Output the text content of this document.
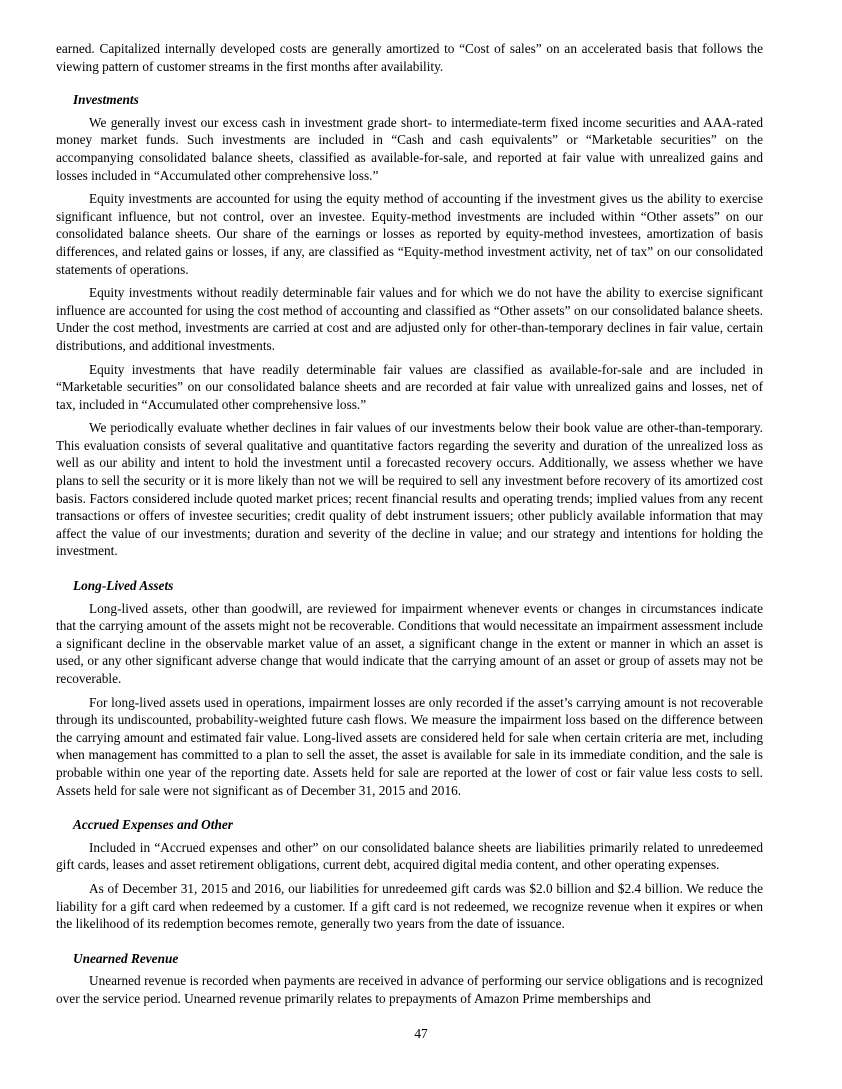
earned. Capitalized internally developed costs are generally amortized to “Cost of sales” on an accelerated basis that follows the viewing pattern of customer streams in the first months after availability.

Investments

We generally invest our excess cash in investment grade short- to intermediate-term fixed income securities and AAA-rated money market funds. Such investments are included in “Cash and cash equivalents” or “Marketable securities” on the accompanying consolidated balance sheets, classified as available-for-sale, and reported at fair value with unrealized gains and losses included in “Accumulated other comprehensive loss.”

Equity investments are accounted for using the equity method of accounting if the investment gives us the ability to exercise significant influence, but not control, over an investee. Equity-method investments are included within “Other assets” on our consolidated balance sheets. Our share of the earnings or losses as reported by equity-method investees, amortization of basis differences, and related gains or losses, if any, are classified as “Equity-method investment activity, net of tax” on our consolidated statements of operations.

Equity investments without readily determinable fair values and for which we do not have the ability to exercise significant influence are accounted for using the cost method of accounting and classified as “Other assets” on our consolidated balance sheets. Under the cost method, investments are carried at cost and are adjusted only for other-than-temporary declines in fair value, certain distributions, and additional investments.

Equity investments that have readily determinable fair values are classified as available-for-sale and are included in “Marketable securities” on our consolidated balance sheets and are recorded at fair value with unrealized gains and losses, net of tax, included in “Accumulated other comprehensive loss.”

We periodically evaluate whether declines in fair values of our investments below their book value are other-than-temporary. This evaluation consists of several qualitative and quantitative factors regarding the severity and duration of the unrealized loss as well as our ability and intent to hold the investment until a forecasted recovery occurs. Additionally, we assess whether we have plans to sell the security or it is more likely than not we will be required to sell any investment before recovery of its amortized cost basis. Factors considered include quoted market prices; recent financial results and operating trends; implied values from any recent transactions or offers of investee securities; credit quality of debt instrument issuers; other publicly available information that may affect the value of our investments; duration and severity of the decline in value; and our strategy and intentions for holding the investment.

Long-Lived Assets

Long-lived assets, other than goodwill, are reviewed for impairment whenever events or changes in circumstances indicate that the carrying amount of the assets might not be recoverable. Conditions that would necessitate an impairment assessment include a significant decline in the observable market value of an asset, a significant change in the extent or manner in which an asset is used, or any other significant adverse change that would indicate that the carrying amount of an asset or group of assets may not be recoverable.

For long-lived assets used in operations, impairment losses are only recorded if the asset’s carrying amount is not recoverable through its undiscounted, probability-weighted future cash flows. We measure the impairment loss based on the difference between the carrying amount and estimated fair value. Long-lived assets are considered held for sale when certain criteria are met, including when management has committed to a plan to sell the asset, the asset is available for sale in its immediate condition, and the sale is probable within one year of the reporting date. Assets held for sale are reported at the lower of cost or fair value less costs to sell. Assets held for sale were not significant as of December 31, 2015 and 2016.

Accrued Expenses and Other

Included in “Accrued expenses and other” on our consolidated balance sheets are liabilities primarily related to unredeemed gift cards, leases and asset retirement obligations, current debt, acquired digital media content, and other operating expenses.

As of December 31, 2015 and 2016, our liabilities for unredeemed gift cards was $2.0 billion and $2.4 billion. We reduce the liability for a gift card when redeemed by a customer. If a gift card is not redeemed, we recognize revenue when it expires or when the likelihood of its redemption becomes remote, generally two years from the date of issuance.

Unearned Revenue

Unearned revenue is recorded when payments are received in advance of performing our service obligations and is recognized over the service period. Unearned revenue primarily relates to prepayments of Amazon Prime memberships and

47
